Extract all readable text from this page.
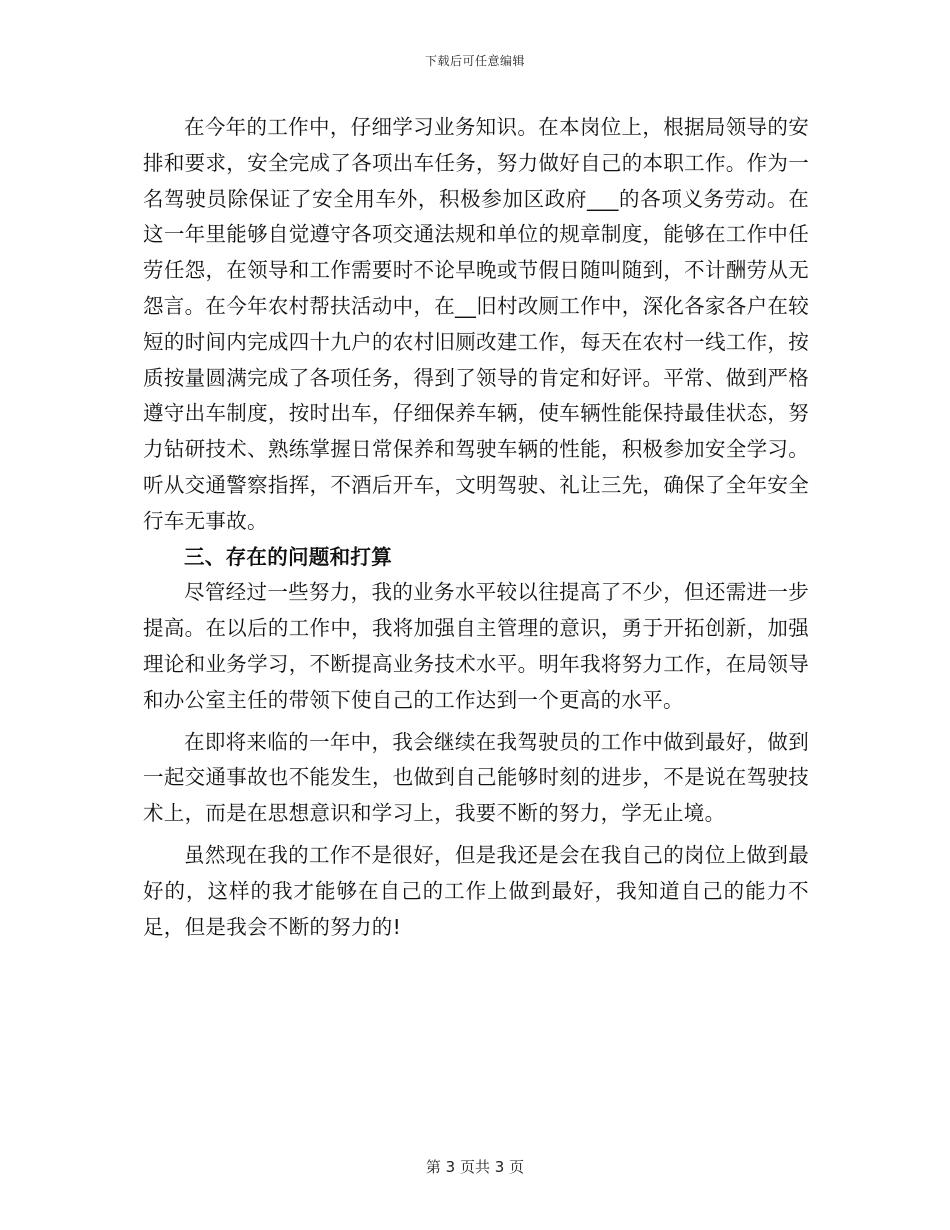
下载后可任意编辑

在今年的工作中，仔细学习业务知识。在本岗位上，根据局领导的安排和要求，安全完成了各项出车任务，努力做好自己的本职工作。作为一名驾驶员除保证了安全用车外，积极参加区政府___的各项义务劳动。在这一年里能够自觉遵守各项交通法规和单位的规章制度，能够在工作中任劳任怨，在领导和工作需要时不论早晚或节假日随叫随到，不计酬劳从无怨言。在今年农村帮扶活动中，在__旧村改厕工作中，深化各家各户在较短的时间内完成四十九户的农村旧厕改建工作，每天在农村一线工作，按质按量圆满完成了各项任务，得到了领导的肯定和好评。平常、做到严格遵守出车制度，按时出车，仔细保养车辆，使车辆性能保持最佳状态，努力钻研技术、熟练掌握日常保养和驾驶车辆的性能，积极参加安全学习。听从交通警察指挥，不酒后开车，文明驾驶、礼让三先，确保了全年安全行车无事故。

三、存在的问题和打算

尽管经过一些努力，我的业务水平较以往提高了不少，但还需进一步提高。在以后的工作中，我将加强自主管理的意识，勇于开拓创新，加强理论和业务学习，不断提高业务技术水平。明年我将努力工作，在局领导和办公室主任的带领下使自己的工作达到一个更高的水平。

在即将来临的一年中，我会继续在我驾驶员的工作中做到最好，做到一起交通事故也不能发生，也做到自己能够时刻的进步，不是说在驾驶技术上，而是在思想意识和学习上，我要不断的努力，学无止境。

虽然现在我的工作不是很好，但是我还是会在我自己的岗位上做到最好的，这样的我才能够在自己的工作上做到最好，我知道自己的能力不足，但是我会不断的努力的!

第 3 页共 3 页
